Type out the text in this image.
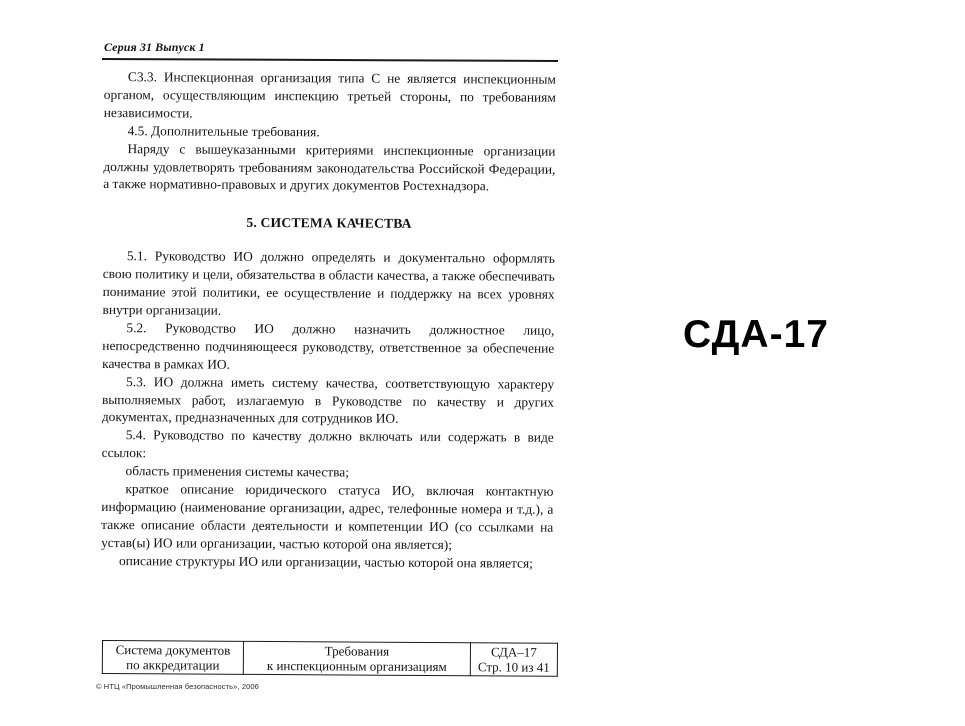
Серия 31 Выпуск 1

С3.3. Инспекционная организация типа С не является инспекционным органом, осуществляющим инспекцию третьей стороны, по требованиям независимости.

4.5. Дополнительные требования.

Наряду с вышеуказанными критериями инспекционные организации должны удовлетворять требованиям законодательства Российской Федерации, а также нормативно-правовых и других документов Ростехнадзора.

5. СИСТЕМА КАЧЕСТВА

5.1. Руководство ИО должно определять и документально оформлять свою политику и цели, обязательства в области качества, а также обеспечивать понимание этой политики, ее осуществление и поддержку на всех уровнях внутри организации.

5.2. Руководство ИО должно назначить должностное лицо, непосредственно подчиняющееся руководству, ответственное за обеспечение качества в рамках ИО.

5.3. ИО должна иметь систему качества, соответствующую характеру выполняемых работ, излагаемую в Руководстве по качеству и других документах, предназначенных для сотрудников ИО.

5.4. Руководство по качеству должно включать или содержать в виде ссылок:

область применения системы качества;

краткое описание юридического статуса ИО, включая контактную информацию (наименование организации, адрес, телефонные номера и т.д.), а также описание области деятельности и компетенции ИО (со ссылками на устав(ы) ИО или организации, частью которой она является);

описание структуры ИО или организации, частью которой она является;

Система документов
по аккредитации

Требования
к инспекционным организациям

СДА–17
Стр. 10 из 41
© НТЦ «Промышленная безопасность», 2006
СДА-17
